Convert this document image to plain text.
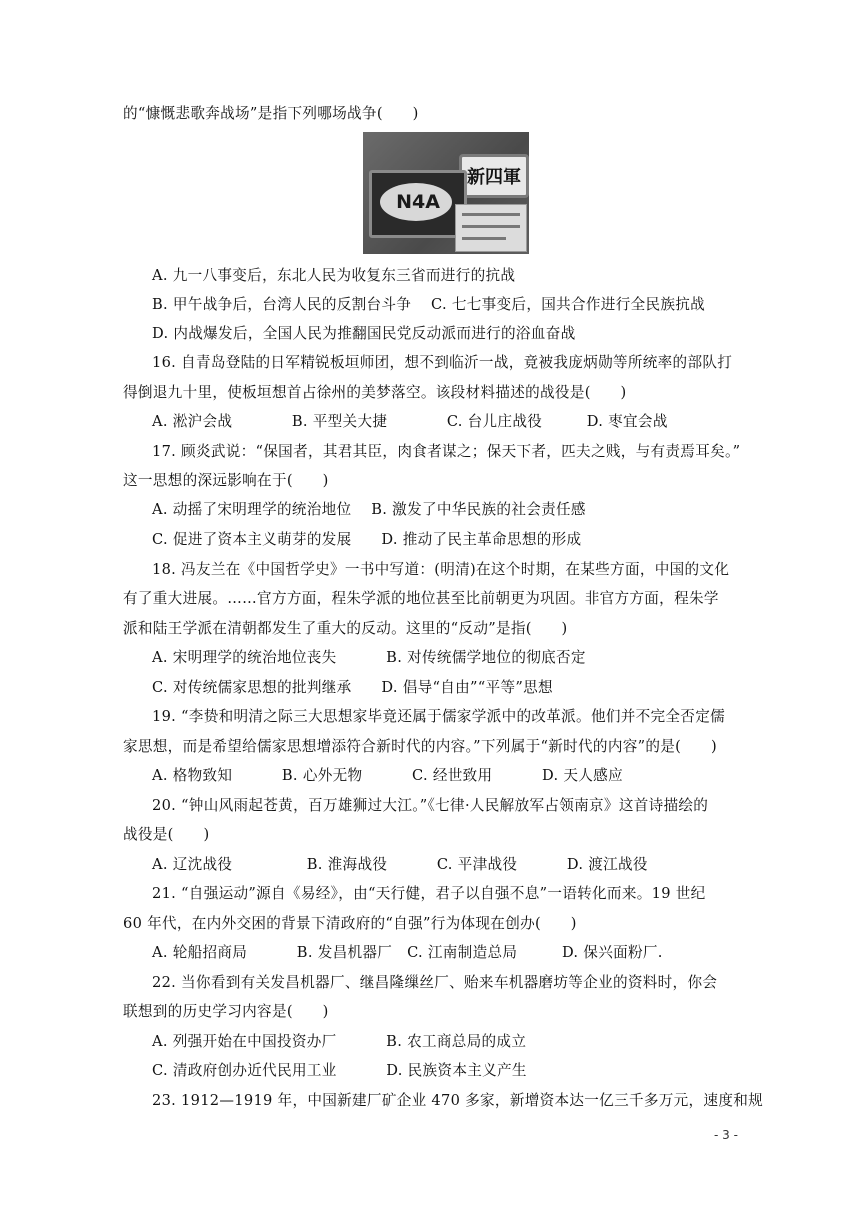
的“慷慨悲歌奔战场”是指下列哪场战争(　　)
新四軍
N4A
A. 九一八事变后，东北人民为收复东三省而进行的抗战
B. 甲午战争后，台湾人民的反割台斗争　 C. 七七事变后，国共合作进行全民族抗战
D. 内战爆发后，全国人民为推翻国民党反动派而进行的浴血奋战
16. 自青岛登陆的日军精锐板垣师团，想不到临沂一战，竟被我庞炳勋等所统率的部队打
得倒退九十里，使板垣想首占徐州的美梦落空。该段材料描述的战役是(　　)
A. 淞沪会战　　　　B. 平型关大捷　　　　C. 台儿庄战役　　　D. 枣宜会战
17. 顾炎武说：“保国者，其君其臣，肉食者谋之；保天下者，匹夫之贱，与有责焉耳矣。”
这一思想的深远影响在于(　　)
A. 动摇了宋明理学的统治地位　 B. 激发了中华民族的社会责任感
C. 促进了资本主义萌芽的发展　　D. 推动了民主革命思想的形成
18. 冯友兰在《中国哲学史》一书中写道：(明清)在这个时期，在某些方面，中国的文化
有了重大进展。……官方方面，程朱学派的地位甚至比前朝更为巩固。非官方方面，程朱学
派和陆王学派在清朝都发生了重大的反动。这里的“反动”是指(　　)
A. 宋明理学的统治地位丧失　　　 B. 对传统儒学地位的彻底否定
C. 对传统儒家思想的批判继承　　D. 倡导“自由”“平等”思想
19. “李贽和明清之际三大思想家毕竟还属于儒家学派中的改革派。他们并不完全否定儒
家思想，而是希望给儒家思想增添符合新时代的内容。”下列属于“新时代的内容”的是(　　)
A. 格物致知　　　 B. 心外无物　　　 C. 经世致用　　　 D. 天人感应
20. “钟山风雨起苍黄，百万雄狮过大江。”《七律·人民解放军占领南京》这首诗描绘的
战役是(　　)
A. 辽沈战役　　　　　B. 淮海战役　　　 C. 平津战役　　　 D. 渡江战役
21. “自强运动”源自《易经》，由“天行健，君子以自强不息”一语转化而来。19 世纪
60 年代，在内外交困的背景下清政府的“自强”行为体现在创办(　　)
A. 轮船招商局　　　 B. 发昌机器厂　C. 江南制造总局　　　D. 保兴面粉厂.
22. 当你看到有关发昌机器厂、继昌隆缫丝厂、贻来车机器磨坊等企业的资料时，你会
联想到的历史学习内容是(　　)
A. 列强开始在中国投资办厂　　　 B. 农工商总局的成立
C. 清政府创办近代民用工业　　　 D. 民族资本主义产生
23. 1912—1919 年，中国新建厂矿企业 470 多家，新增资本达一亿三千多万元，速度和规
- 3 -
